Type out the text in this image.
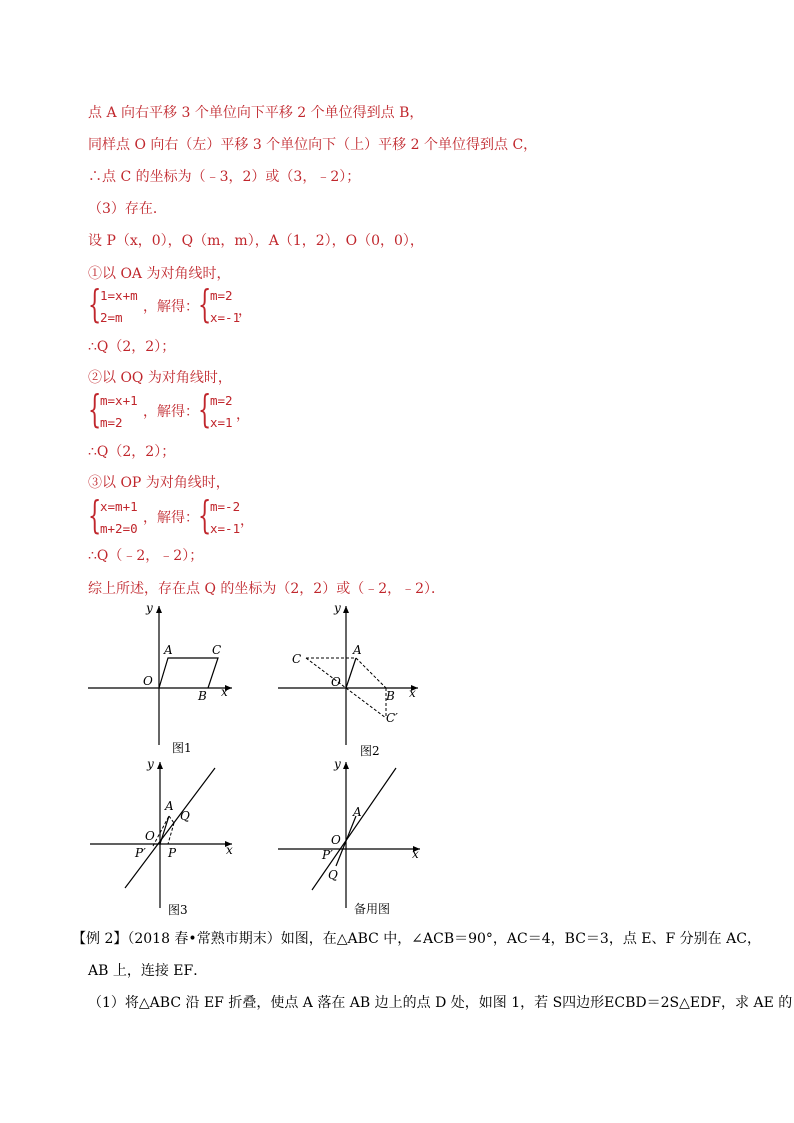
点 A 向右平移 3 个单位向下平移 2 个单位得到点 B，
同样点 O 向右（左）平移 3 个单位向下（上）平移 2 个单位得到点 C，
∴点 C 的坐标为（﹣3，2）或（3，﹣2）；
（3）存在．
设 P（x，0），Q（m，m），A（1，2），O（0，0），
①以 OA 为对角线时，
{
1=x+m
2=m
，解得： {
m=2
x=-1
，
∴Q（2，2）；
②以 OQ 为对角线时，
{
m=x+1
m=2
，解得： {
m=2
x=1 ，
∴Q（2，2）；
③以 OP 为对角线时，
{
x=m+1
m+2=0
，解得： {
m=-2
x=-1 ，
∴Q（﹣2，﹣2）；
综上所述，存在点 Q 的坐标为（2，2）或（﹣2，﹣2）．
x
y
O
A	C
B
图1
x
y
O
A
C
B
C′
图2
x
y
O
A
Q
P′ P
图3
x
y
O
A
P′
Q
备用图
【例 2】（2018 春•常熟市期末）如图，在△ABC 中，∠ACB＝90°，AC＝4，BC＝3，点 E、F 分别在 AC，
AB 上，连接 EF．
（1）将△ABC 沿 EF 折叠，使点 A 落在 AB 边上的点 D 处，如图 1，若 S四边形ECBD＝2S△EDF，求 AE 的
